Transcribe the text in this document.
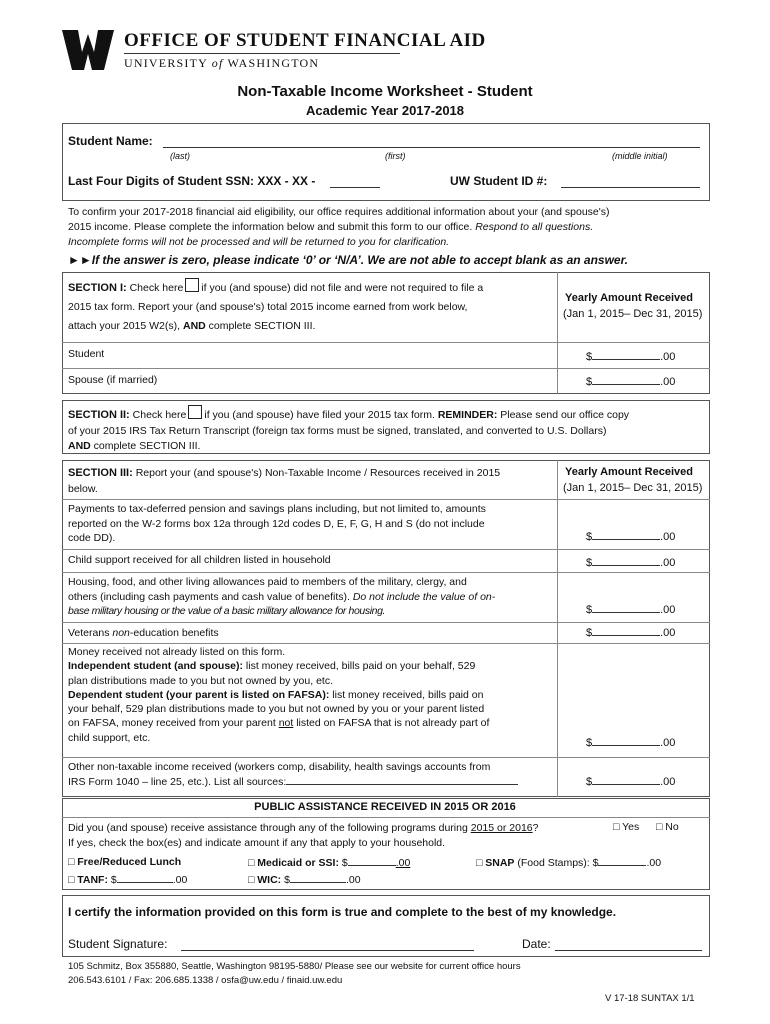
OFFICE OF STUDENT FINANCIAL AID
UNIVERSITY of WASHINGTON
Non-Taxable Income Worksheet - Student
Academic Year 2017-2018
Student Name:
(last)	(first)	(middle initial)
Last Four Digits of Student SSN: XXX - XX -	UW Student ID #:
To confirm your 2017-2018 financial aid eligibility, our office requires additional information about your (and spouse's)
2015 income. Please complete the information below and submit this form to our office. Respond to all questions.
Incomplete forms will not be processed and will be returned to you for clarification.
►►If the answer is zero, please indicate ‘0’ or ‘N/A’. We are not able to accept blank as an answer.
SECTION I: Check here if you (and spouse) did not file and were not required to file a
2015 tax form. Report your (and spouse's) total 2015 income earned from work below,
attach your 2015 W2(s), AND complete SECTION III.
Yearly Amount Received
(Jan 1, 2015– Dec 31, 2015)
Student	$	.00
Spouse (if married)	$	.00
SECTION II: Check here if you (and spouse) have filed your 2015 tax form. REMINDER: Please send our office copy
of your 2015 IRS Tax Return Transcript (foreign tax forms must be signed, translated, and converted to U.S. Dollars)
AND complete SECTION III.
SECTION III: Report your (and spouse's) Non-Taxable Income / Resources received in 2015
below.
Yearly Amount Received
(Jan 1, 2015– Dec 31, 2015)
Payments to tax-deferred pension and savings plans including, but not limited to, amounts
reported on the W-2 forms box 12a through 12d codes D, E, F, G, H and S (do not include
code DD).	$	.00
Child support received for all children listed in household	$	.00
Housing, food, and other living allowances paid to members of the military, clergy, and
others (including cash payments and cash value of benefits). Do not include the value of on-
base military housing or the value of a basic military allowance for housing.	$	.00
Veterans non-education benefits	$	.00
Money received not already listed on this form.
Independent student (and spouse): list money received, bills paid on your behalf, 529
plan distributions made to you but not owned by you, etc.
Dependent student (your parent is listed on FAFSA): list money received, bills paid on
your behalf, 529 plan distributions made to you but not owned by you or your parent listed
on FAFSA, money received from your parent not listed on FAFSA that is not already part of
child support, etc.	$	.00
Other non-taxable income received (workers comp, disability, health savings accounts from
IRS Form 1040 – line 25, etc.). List all sources:	$	.00
PUBLIC ASSISTANCE RECEIVED IN 2015 OR 2016
Did you (and spouse) receive assistance through any of the following programs during 2015 or 2016?
If yes, check the box(es) and indicate amount if any that apply to your household.
□ Yes □ No
□ Free/Reduced Lunch	□ Medicaid or SSI: $	.00	□ SNAP (Food Stamps): $	.00
□ TANF: $	.00	□ WIC: $	.00
I certify the information provided on this form is true and complete to the best of my knowledge.
Student Signature:	Date:
105 Schmitz, Box 355880, Seattle, Washington 98195-5880/ Please see our website for current office hours
206.543.6101 / Fax: 206.685.1338 / osfa@uw.edu / finaid.uw.edu
V 17-18 SUNTAX 1/1
